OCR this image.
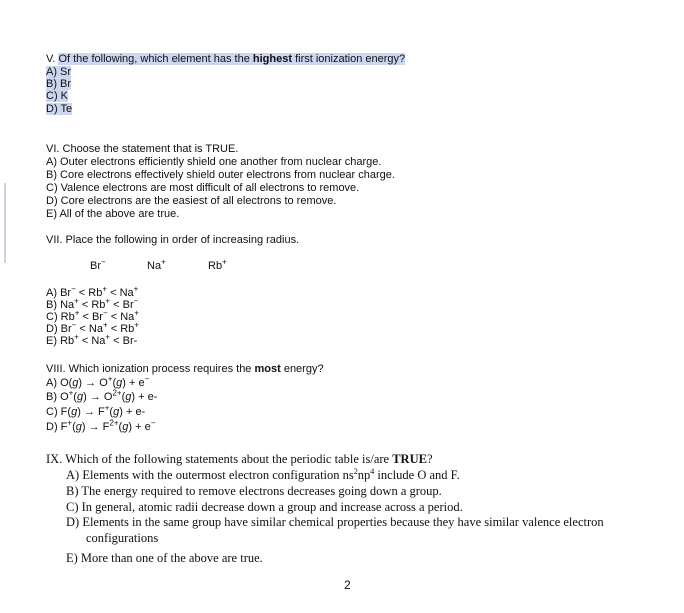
V. Of the following, which element has the highest first ionization energy?
A) Sr
B) Br
C) K
D) Te
VI. Choose the statement that is TRUE.
A) Outer electrons efficiently shield one another from nuclear charge.
B) Core electrons effectively shield outer electrons from nuclear charge.
C) Valence electrons are most difficult of all electrons to remove.
D) Core electrons are the easiest of all electrons to remove.
E) All of the above are true.
VII. Place the following in order of increasing radius.
Br−	Na+	Rb+
A) Br− < Rb+ < Na+
B) Na+ < Rb+ < Br−
C) Rb+ < Br− < Na+
D) Br− < Na+ < Rb+
E) Rb+ < Na+ < Br-
VIII. Which ionization process requires the most energy?
A) O(g) → O+(g) + e−
B) $O^+(g) \to O^{2+}(g) + e-$
C) F(g) → F+(g) + e-
D) $F^+(g) \to F^{2+}(g) + e^-$
IX. Which of the following statements about the periodic table is/are TRUE?
A) Elements with the outermost electron configuration $ns^2np^4$ include O and F.
B) The energy required to remove electrons decreases going down a group.
C) In general, atomic radii decrease down a group and increase across a period.
D) Elements in the same group have similar chemical properties because they have similar valence electron
configurations
E) More than one of the above are true.
2
